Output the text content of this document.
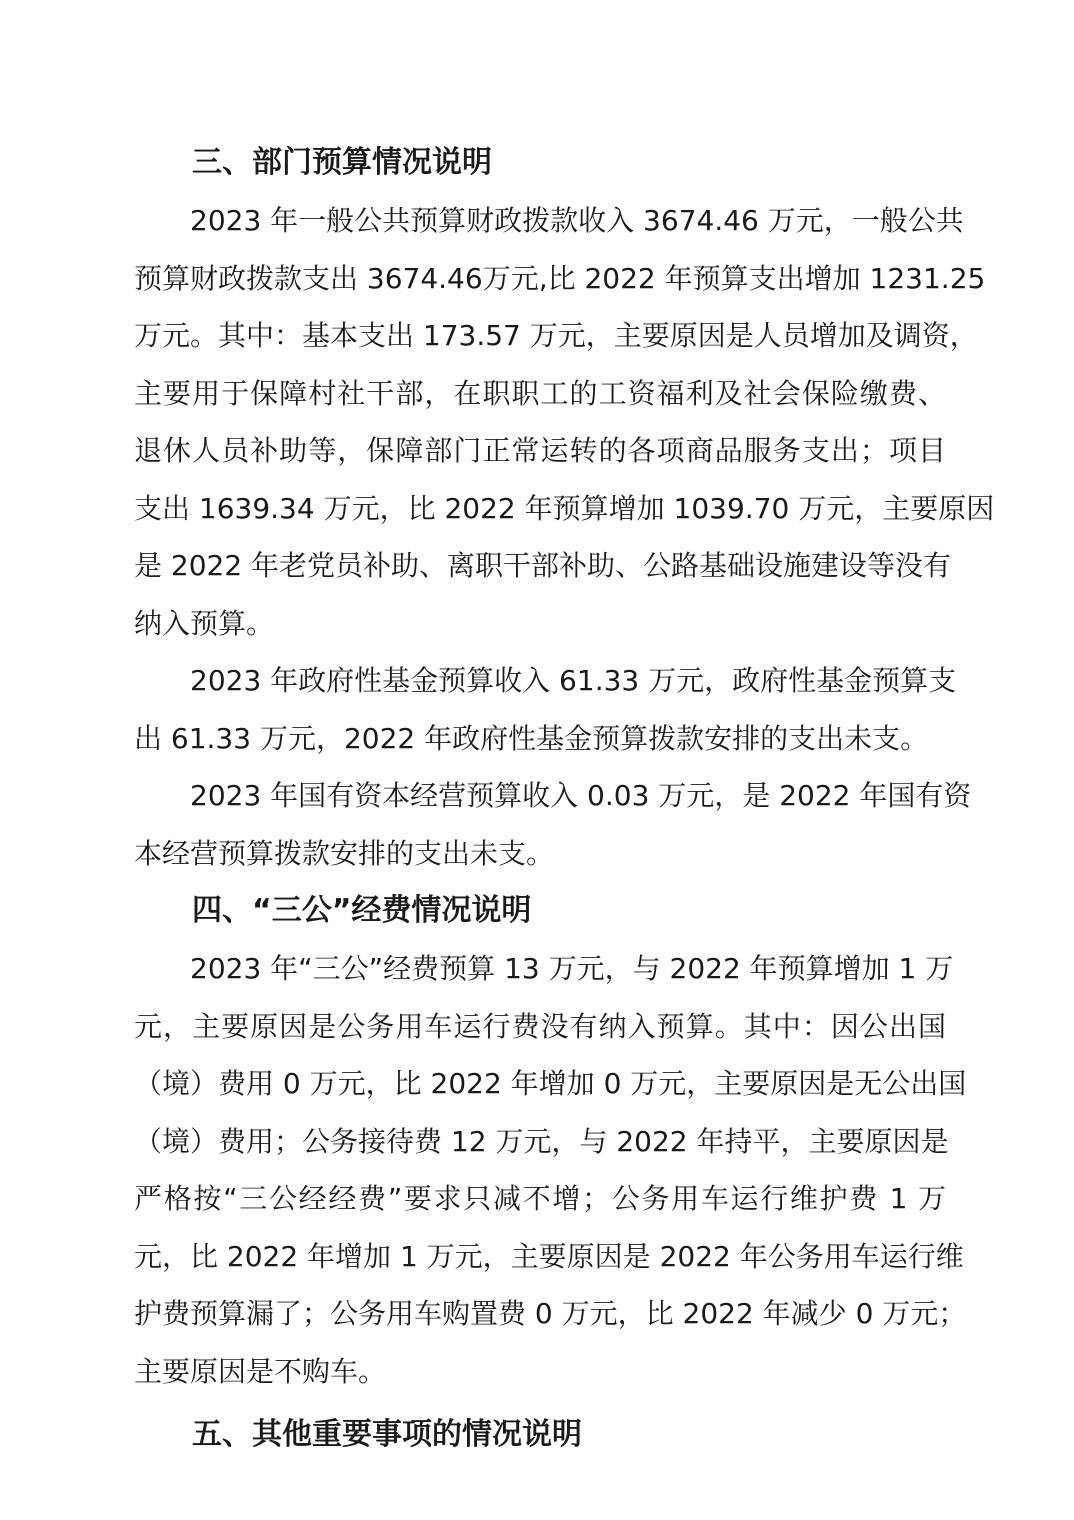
三、部门预算情况说明

2023 年一般公共预算财政拨款收入 3674.46 万元，一般公共
预算财政拨款支出 3674.46万元,比 2022 年预算支出增加 1231.25
万元。其中：基本支出 173.57 万元，主要原因是人员增加及调资，
主要用于保障村社干部，在职职工的工资福利及社会保险缴费、
退休人员补助等，保障部门正常运转的各项商品服务支出；项目
支出 1639.34 万元，比 2022 年预算增加 1039.70 万元，主要原因
是 2022 年老党员补助、离职干部补助、公路基础设施建设等没有
纳入预算。

2023 年政府性基金预算收入 61.33 万元，政府性基金预算支
出 61.33 万元，2022 年政府性基金预算拨款安排的支出未支。

2023 年国有资本经营预算收入 0.03 万元，是 2022 年国有资
本经营预算拨款安排的支出未支。

四、“三公”经费情况说明

2023 年“三公”经费预算 13 万元，与 2022 年预算增加 1 万
元，主要原因是公务用车运行费没有纳入预算。其中：因公出国
（境）费用 0 万元，比 2022 年增加 0 万元，主要原因是无公出国
（境）费用；公务接待费 12 万元，与 2022 年持平，主要原因是
严格按“三公经经费”要求只减不增；公务用车运行维护费 1 万
元，比 2022 年增加 1 万元，主要原因是 2022 年公务用车运行维
护费预算漏了；公务用车购置费 0 万元，比 2022 年减少 0 万元；
主要原因是不购车。

五、其他重要事项的情况说明
